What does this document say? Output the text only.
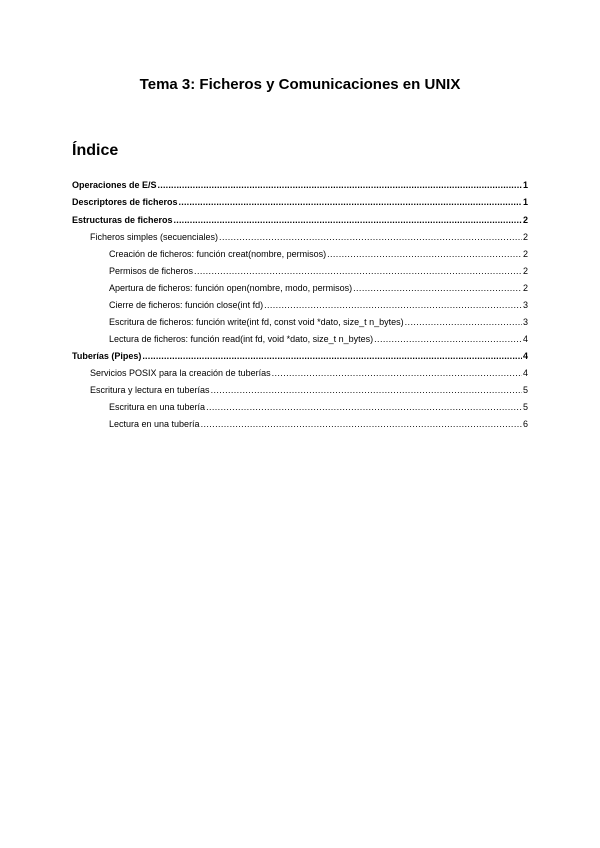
Tema 3: Ficheros y Comunicaciones en UNIX
Índice
Operaciones de E/S .....	1
Descriptores de ficheros .....	1
Estructuras de ficheros .....	2
Ficheros simples (secuenciales) .....	2
Creación de ficheros: función creat(nombre, permisos) .....	2
Permisos de ficheros .....	2
Apertura de ficheros: función open(nombre, modo, permisos) .....	2
Cierre de ficheros: función close(int fd) .....	3
Escritura de ficheros: función write(int fd, const void *dato, size_t n_bytes) .....	3
Lectura de ficheros: función read(int fd, void *dato, size_t n_bytes) .....	4
Tuberías (Pipes) .....	4
Servicios POSIX para la creación de tuberías .....	4
Escritura y lectura en tuberías .....	5
Escritura en una tubería .....	5
Lectura en una tubería .....	6
